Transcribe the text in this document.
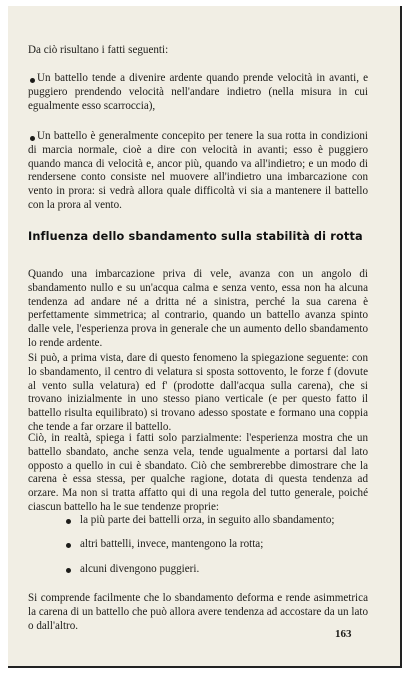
Da ciò risultano i fatti seguenti:

Un battello tende a divenire ardente quando prende velocità in avanti, e puggiero prendendo velocità nell'andare indietro (nella misura in cui egualmente esso scarroccia),

Un battello è generalmente concepito per tenere la sua rotta in condizioni di marcia normale, cioè a dire con velocità in avanti; esso è puggiero quando manca di velocità e, ancor più, quando va all'indietro; e un modo di rendersene conto consiste nel muovere all'indietro una imbarcazione con vento in prora: si vedrà allora quale difficoltà vi sia a mantenere il battello con la prora al vento.

Influenza dello sbandamento sulla stabilità di rotta

Quando una imbarcazione priva di vele, avanza con un angolo di sbandamento nullo e su un'acqua calma e senza vento, essa non ha alcuna tendenza ad andare né a dritta né a sinistra, perché la sua carena è perfettamente simmetrica; al contrario, quando un battello avanza spinto dalle vele, l'esperienza prova in generale che un aumento dello sbandamento lo rende ardente.

Si può, a prima vista, dare di questo fenomeno la spiegazione seguente: con lo sbandamento, il centro di velatura si sposta sottovento, le forze f (dovute al vento sulla velatura) ed f' (prodotte dall'acqua sulla carena), che si trovano inizialmente in uno stesso piano verticale (e per questo fatto il battello risulta equilibrato) si trovano adesso spostate e formano una coppia che tende a far orzare il battello.

Ciò, in realtà, spiega i fatti solo parzialmente: l'esperienza mostra che un battello sbandato, anche senza vela, tende ugualmente a portarsi dal lato opposto a quello in cui è sbandato. Ciò che sembrerebbe dimostrare che la carena è essa stessa, per qualche ragione, dotata di questa tendenza ad orzare. Ma non si tratta affatto qui di una regola del tutto generale, poiché ciascun battello ha le sue tendenze proprie:

la più parte dei battelli orza, in seguito allo sbandamento;

altri battelli, invece, mantengono la rotta;

alcuni divengono puggieri.

Si comprende facilmente che lo sbandamento deforma e rende asimmetrica la carena di un battello che può allora avere tendenza ad accostare da un lato o dall'altro.

163
